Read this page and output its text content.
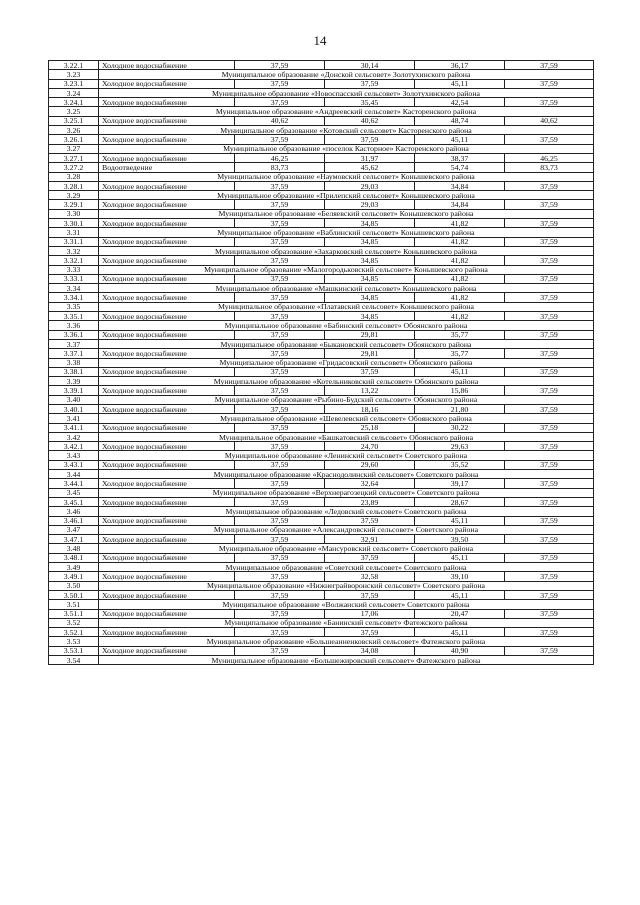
14
3.22.1	Холодное водоснабжение	37,59	30,14	36,17	37,59
3.23	Муниципальное образование «Донской сельсовет» Золотухинского района				
3.23.1	Холодное водоснабжение	37,59	37,59	45,11	37,59
3.24	Муниципальное образование «Новоспасский сельсовет» Золотухинского района				
3.24.1	Холодное водоснабжение	37,59	35,45	42,54	37,59
3.25	Муниципальное образование «Андреевский сельсовет» Касторенского района				
3.25.1	Холодное водоснабжение	40,62	40,62	48,74	40,62
3.26	Муниципальное образование «Котовский сельсовет» Касторенского района				
3.26.1	Холодное водоснабжение	37,59	37,59	45,11	37,59
3.27	Муниципальное образование «поселок Касторное» Касторенского района				
3.27.1	Холодное водоснабжение	46,25	31,97	38,37	46,25
3.27.2	Водоотведение	83,73	45,62	54,74	83,73
3.28	Муниципальное образование «Наумовский сельсовет» Конышевского района				
3.28.1	Холодное водоснабжение	37,59	29,03	34,84	37,59
3.29	Муниципальное образование «Прилепский сельсовет» Конышевского района				
3.29.1	Холодное водоснабжение	37,59	29,03	34,84	37,59
3.30	Муниципальное образование «Беляевский сельсовет» Конышевского района				
3.30.1	Холодное водоснабжение	37,59	34,85	41,82	37,59
3.31	Муниципальное образование «Ваблинский сельсовет» Конышевского района				
3.31.1	Холодное водоснабжение	37,59	34,85	41,82	37,59
3.32	Муниципальное образование «Захарковский сельсовет» Конышевского района				
3.32.1	Холодное водоснабжение	37,59	34,85	41,82	37,59
3.33	Муниципальное образование «Малогородьковский сельсовет» Конышевского района				
3.33.1	Холодное водоснабжение	37,59	34,85	41,82	37,59
3.34	Муниципальное образование «Машкинский сельсовет» Конышевского района				
3.34.1	Холодное водоснабжение	37,59	34,85	41,82	37,59
3.35	Муниципальное образование «Платавский сельсовет» Конышевского района				
3.35.1	Холодное водоснабжение	37,59	34,85	41,82	37,59
3.36	Муниципальное образование «Бабинский сельсовет» Обоянского района				
3.36.1	Холодное водоснабжение	37,59	29,81	35,77	37,59
3.37	Муниципальное образование «Быкановский сельсовет» Обоянского района				
3.37.1	Холодное водоснабжение	37,59	29,81	35,77	37,59
3.38	Муниципальное образование «Гридасовский сельсовет» Обоянского района				
3.38.1	Холодное водоснабжение	37,59	37,59	45,11	37,59
3.39	Муниципальное образование «Котельниковский сельсовет» Обоянского района				
3.39.1	Холодное водоснабжение	37,59	13,22	15,86	37,59
3.40	Муниципальное образование «Рыбино-Будский сельсовет» Обоянского района				
3.40.1	Холодное водоснабжение	37,59	18,16	21,80	37,59
3.41	Муниципальное образование «Шевелевский сельсовет» Обоянского района				
3.41.1	Холодное водоснабжение	37,59	25,18	30,22	37,59
3.42	Муниципальное образование «Башкатовский сельсовет» Обоянского района				
3.42.1	Холодное водоснабжение	37,59	24,70	29,63	37,59
3.43	Муниципальное образование «Ленинский сельсовет» Советского района				
3.43.1	Холодное водоснабжение	37,59	29,60	35,52	37,59
3.44	Муниципальное образование «Краснодолинский сельсовет» Советского района				
3.44.1	Холодное водоснабжение	37,59	32,64	39,17	37,59
3.45	Муниципальное образование «Верхнерагозецкий сельсовет» Советского района				
3.45.1	Холодное водоснабжение	37,59	23,89	28,67	37,59
3.46	Муниципальное образование «Ледовский сельсовет» Советского района				
3.46.1	Холодное водоснабжение	37,59	37,59	45,11	37,59
3.47	Муниципальное образование «Александровский сельсовет» Советского района				
3.47.1	Холодное водоснабжение	37,59	32,91	39,50	37,59
3.48	Муниципальное образование «Мансуровский сельсовет» Советского района				
3.48.1	Холодное водоснабжение	37,59	37,59	45,11	37,59
3.49	Муниципальное образование «Советский сельсовет» Советского района				
3.49.1	Холодное водоснабжение	37,59	32,58	39,10	37,59
3.50	Муниципальное образование «Нижнеграйворонский сельсовет» Советского района				
3.50.1	Холодное водоснабжение	37,59	37,59	45,11	37,59
3.51	Муниципальное образование «Волжанский сельсовет» Советского района				
3.51.1	Холодное водоснабжение	37,59	17,06	20,47	37,59
3.52	Муниципальное образование «Банинский сельсовет» Фатежского района				
3.52.1	Холодное водоснабжение	37,59	37,59	45,11	37,59
3.53	Муниципальное образование «Большеанненковский сельсовет» Фатежского района				
3.53.1	Холодное водоснабжение	37,59	34,08	40,90	37,59
3.54	Муниципальное образование «Большежировский сельсовет» Фатежского района				
